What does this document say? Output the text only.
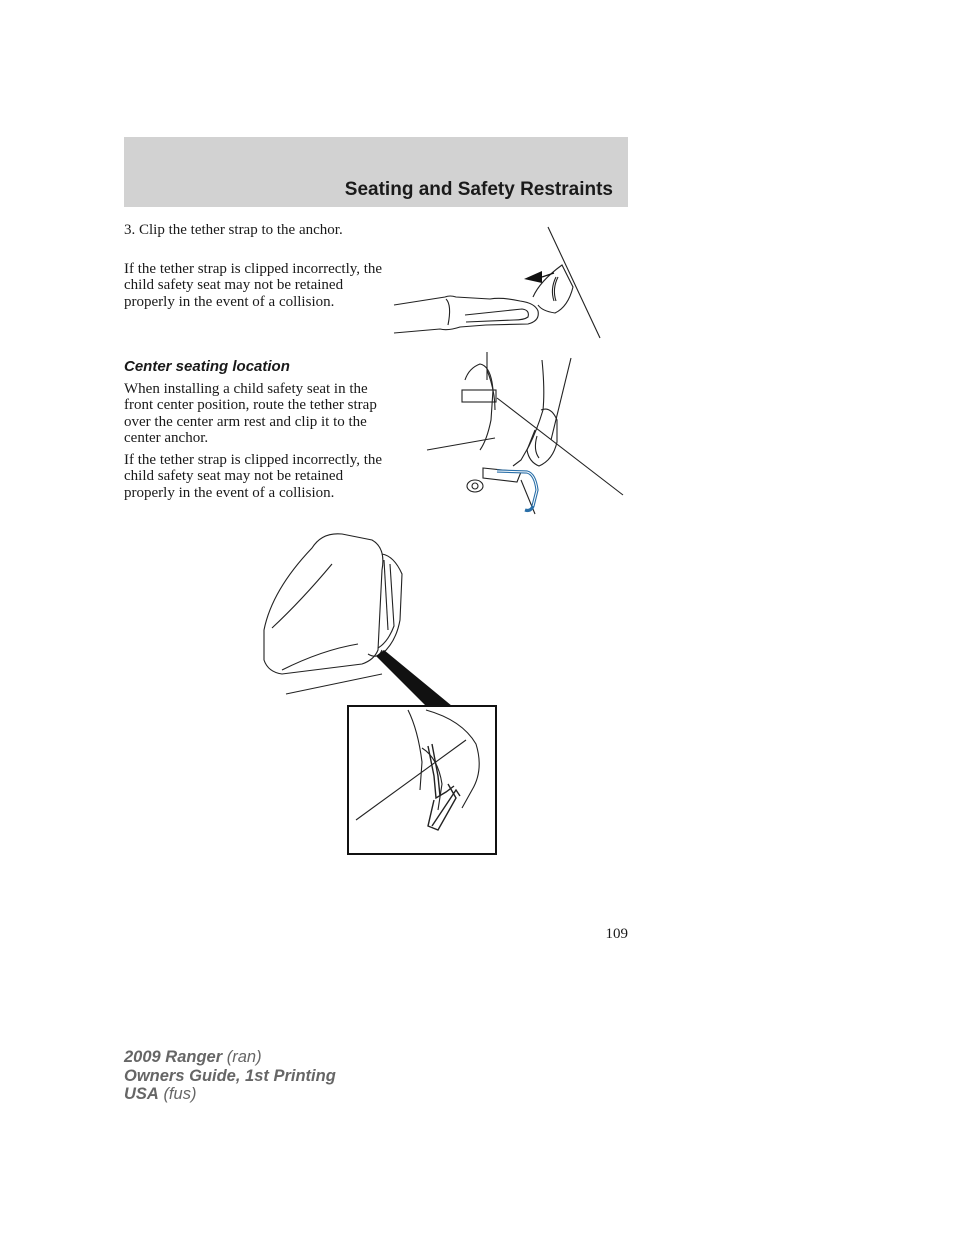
Seating and Safety Restraints

3. Clip the tether strap to the anchor.

If the tether strap is clipped incorrectly, the child safety seat may not be retained properly in the event of a collision.

Center seating location

When installing a child safety seat in the front center position, route the tether strap over the center arm rest and clip it to the center anchor.

If the tether strap is clipped incorrectly, the child safety seat may not be retained properly in the event of a collision.

109
2009 Ranger (ran)
Owners Guide, 1st Printing
USA (fus)
